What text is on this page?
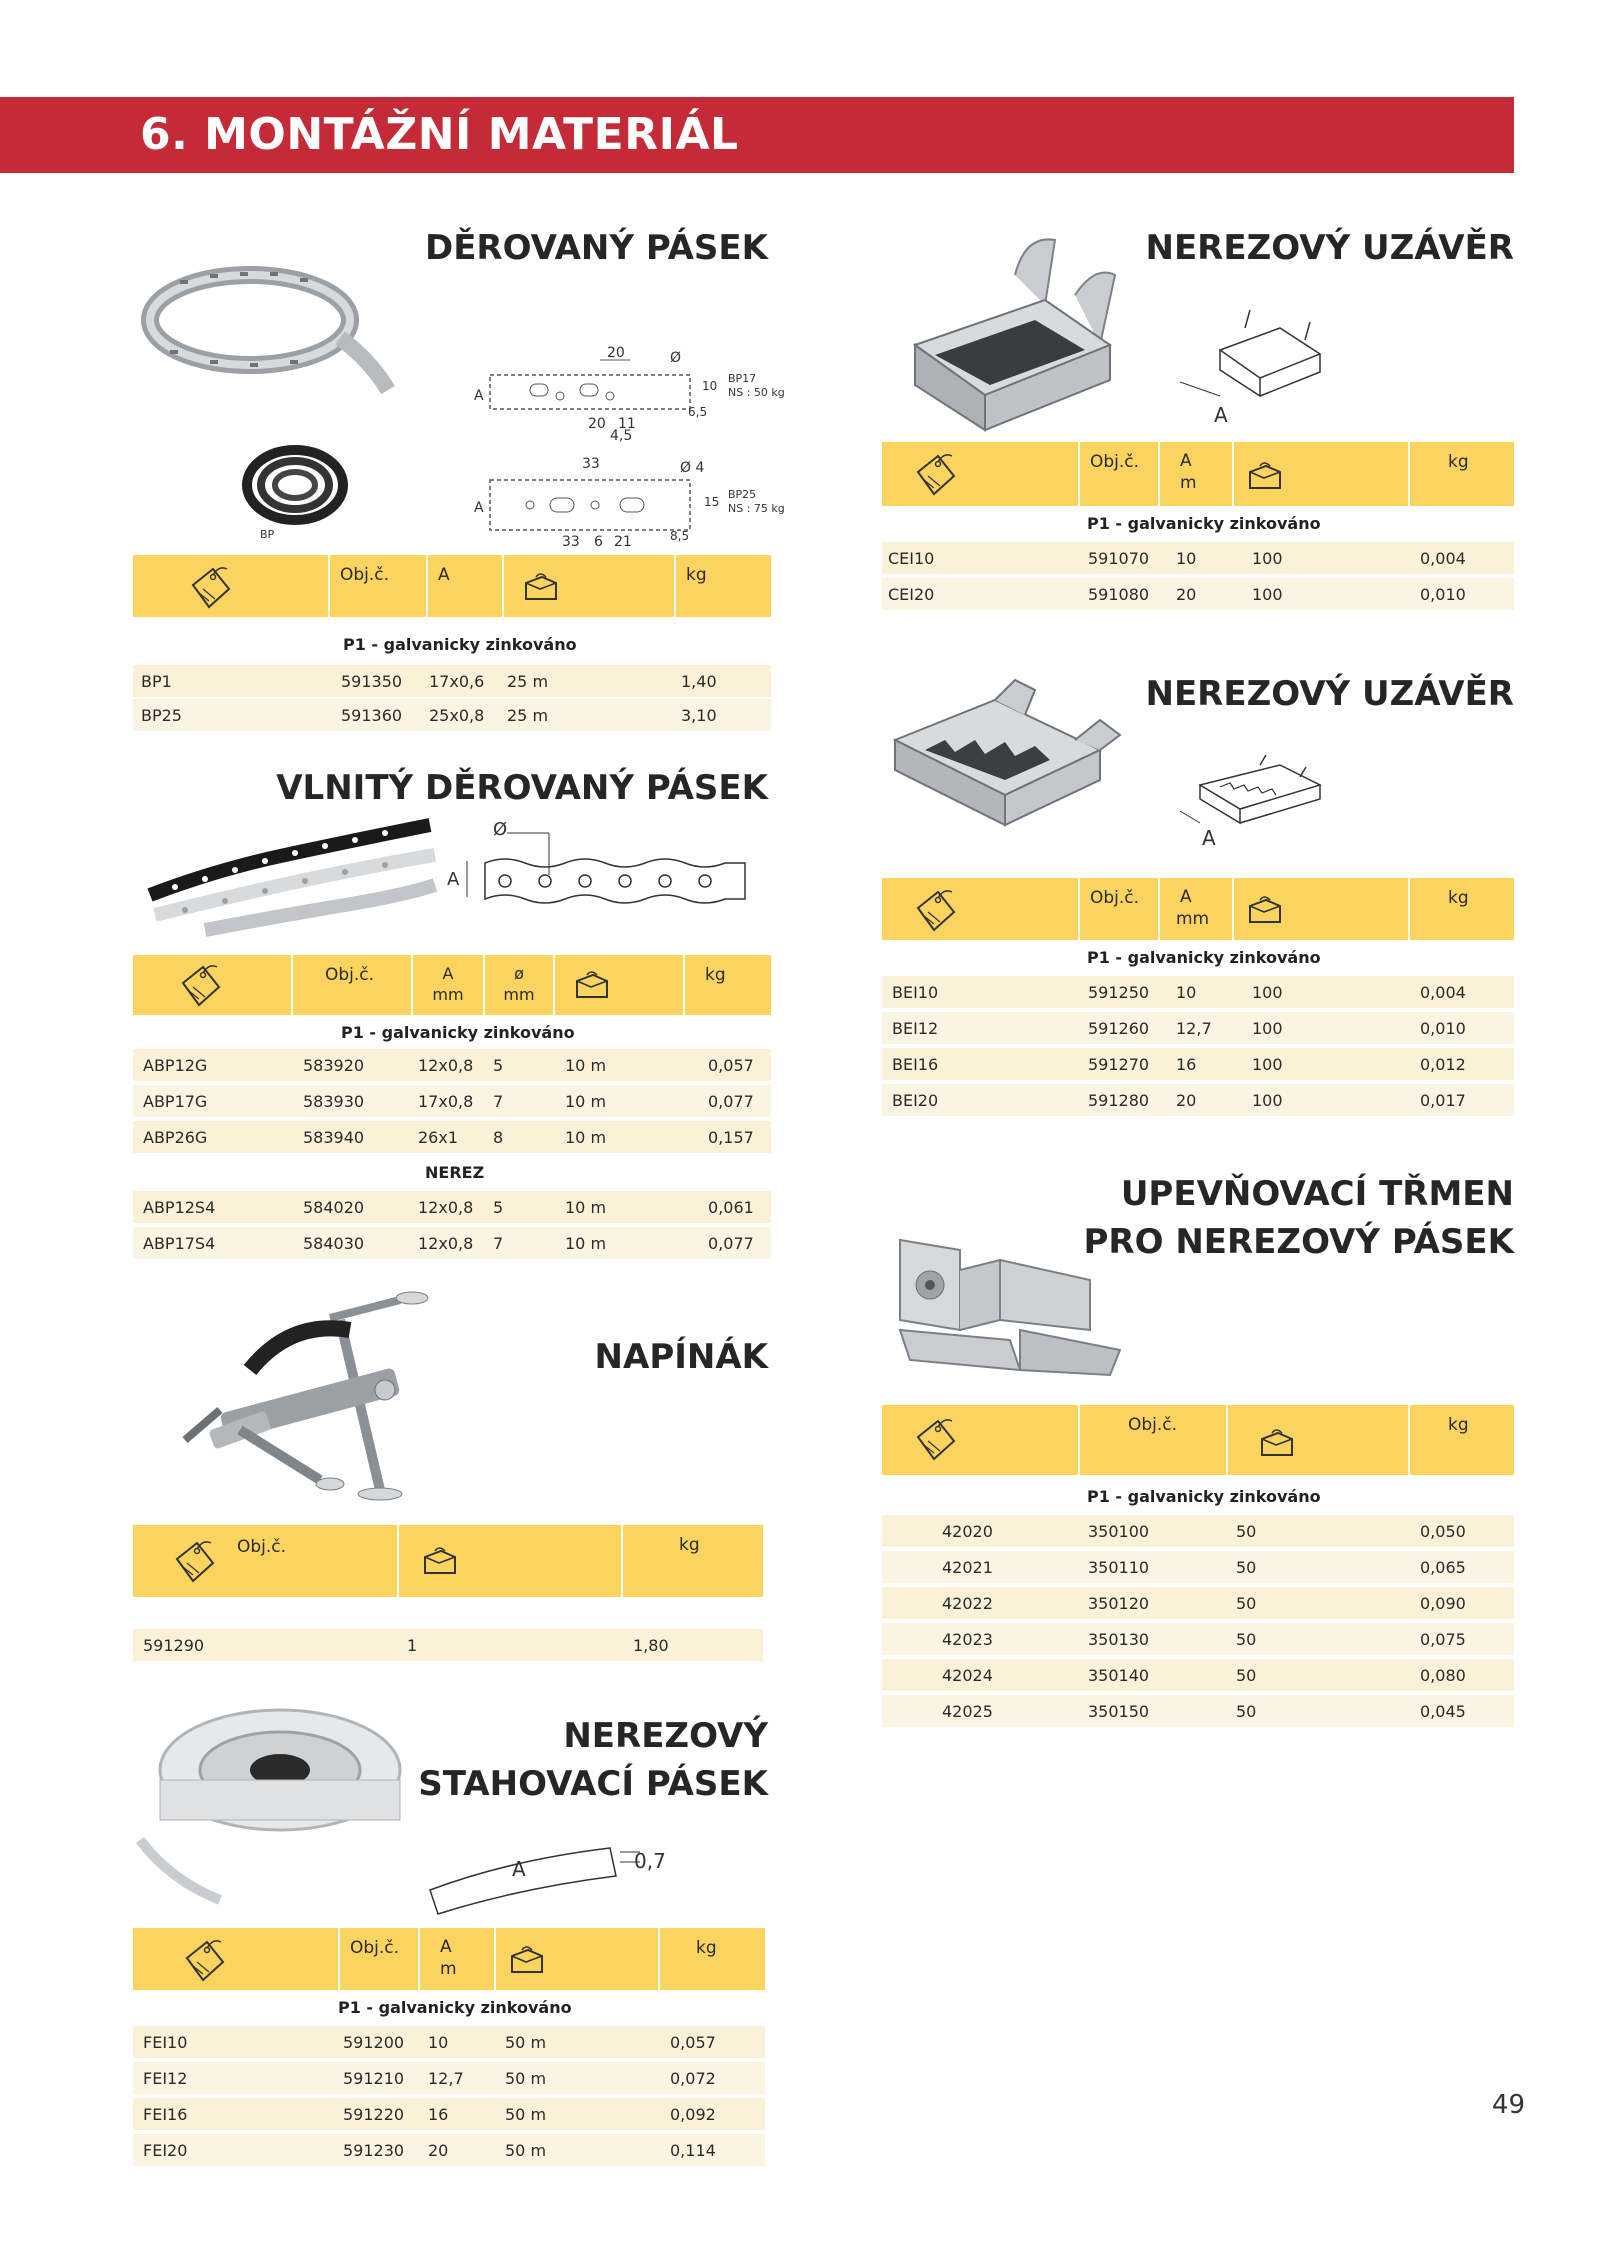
6. MONTÁŽNÍ MATERIÁL
DĚROVANÝ PÁSEK
20	Ø
BP17
NS : 50 kg
A
20 11
10
6,5
4,5
BP
33	Ø 4
BP25
NS : 75 kg
A	15
8,5
33 6 21
Obj.č.	A	kg
P1 - galvanicky zinkováno
BP1	591350 17x0,6 25 m	1,40
BP25	591360 25x0,8 25 m	3,10
VLNITÝ DĚROVANÝ PÁSEK
Ø
A
Obj.č.	A
mm
ø
mm
kg
P1 - galvanicky zinkováno
ABP12G	583920	12x0,8 5	10 m	0,057
ABP17G	583930	17x0,8 7	10 m	0,077
ABP26G	583940	26x1 8	10 m	0,157
NEREZ
ABP12S4	584020	12x0,8 5	10 m	0,061
ABP17S4	584030	12x0,8 7	10 m	0,077
NAPÍNÁK
Obj.č.	kg
591290	1	1,80
NEREZOVÝ
STAHOVACÍ PÁSEK
A	0,7
Obj.č.	A
m
kg
P1 - galvanicky zinkováno
FEI10	591200 10	50 m	0,057
FEI12	591210 12,7	50 m	0,072
FEI16	591220 16	50 m	0,092
FEI20	591230 20	50 m	0,114
NEREZOVÝ UZÁVĚR
A
Obj.č.	A
m
kg
P1 - galvanicky zinkováno
CEI10	591070 10	100	0,004
CEI20	591080 20	100	0,010
NEREZOVÝ UZÁVĚR
A
Obj.č.	A
mm
kg
P1 - galvanicky zinkováno
BEI10	591250 10	100	0,004
BEI12	591260 12,7	100	0,010
BEI16	591270 16	100	0,012
BEI20	591280 20	100	0,017
UPEVŇOVACÍ TŘMEN
PRO NEREZOVÝ PÁSEK
Obj.č.	kg
P1 - galvanicky zinkováno
42020	350100	50	0,050
42021	350110	50	0,065
42022	350120	50	0,090
42023	350130	50	0,075
42024	350140	50	0,080
42025	350150	50	0,045
49
